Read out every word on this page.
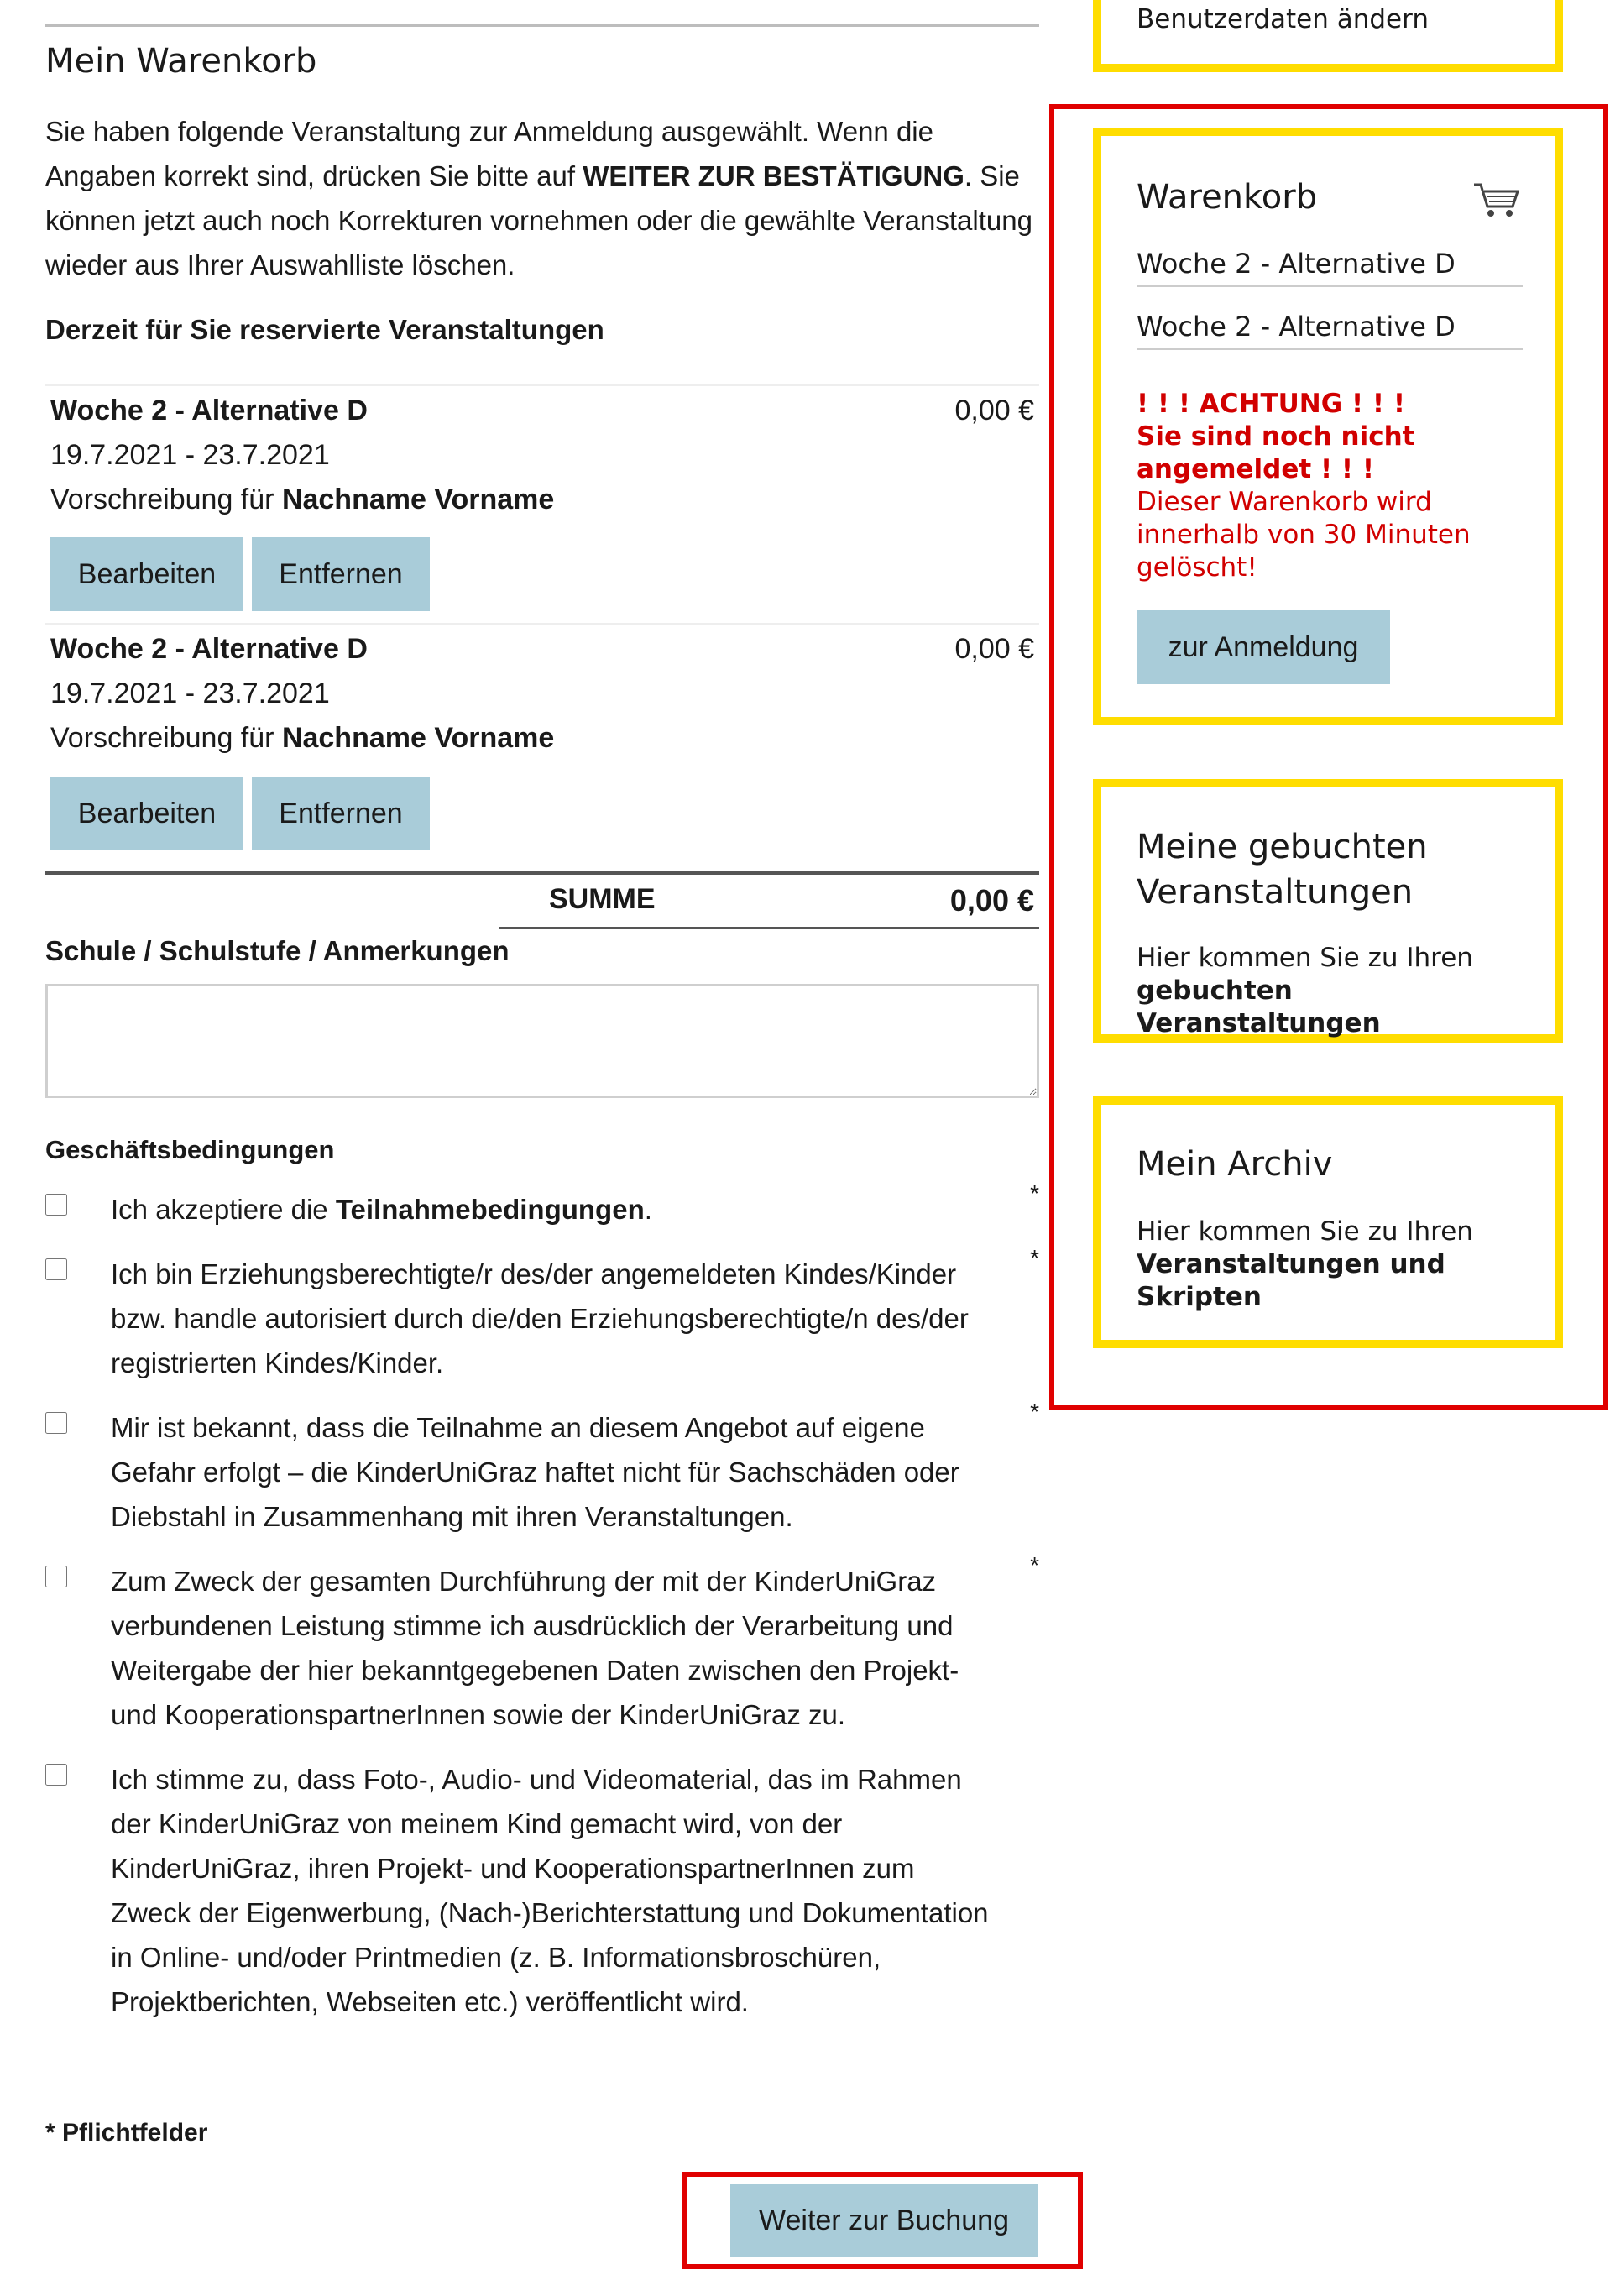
Mein Warenkorb

Sie haben folgende Veranstaltung zur Anmeldung ausgewählt. Wenn die Angaben korrekt sind, drücken Sie bitte auf WEITER ZUR BESTÄTIGUNG. Sie können jetzt auch noch Korrekturen vornehmen oder die gewählte Veranstaltung wieder aus Ihrer Auswahlliste löschen.

Derzeit für Sie reservierte Veranstaltungen
Woche 2 - Alternative D	0,00 €
19.7.2021 - 23.7.2021
Vorschreibung für Nachname Vorname
Bearbeiten	Entfernen
Woche 2 - Alternative D	0,00 €
19.7.2021 - 23.7.2021
Vorschreibung für Nachname Vorname
Bearbeiten	Entfernen
SUMME	0,00 €
Schule / Schulstufe / Anmerkungen
Geschäftsbedingungen
Ich akzeptiere die Teilnahmebedingungen.
*
Ich bin Erziehungsberechtigte/r des/der angemeldeten Kindes/Kinder bzw. handle autorisiert durch die/den Erziehungsberechtigte/n des/der registrierten Kindes/Kinder.
*
Mir ist bekannt, dass die Teilnahme an diesem Angebot auf eigene Gefahr erfolgt – die KinderUniGraz haftet nicht für Sachschäden oder Diebstahl in Zusammenhang mit ihren Veranstaltungen.
*
Zum Zweck der gesamten Durchführung der mit der KinderUniGraz verbundenen Leistung stimme ich ausdrücklich der Verarbeitung und Weitergabe der hier bekanntgegebenen Daten zwischen den Projekt- und KooperationspartnerInnen sowie der KinderUniGraz zu.
*
Ich stimme zu, dass Foto-, Audio- und Videomaterial, das im Rahmen der KinderUniGraz von meinem Kind gemacht wird, von der KinderUniGraz, ihren Projekt- und KooperationspartnerInnen zum Zweck der Eigenwerbung, (Nach-)Berichterstattung und Dokumentation in Online- und/oder Printmedien (z. B. Informationsbroschüren, Projektberichten, Webseiten etc.) veröffentlicht wird.
* Pflichtfelder
Weiter zur Buchung
Benutzerdaten ändern
Warenkorb
Woche 2 - Alternative D
Woche 2 - Alternative D
! ! ! ACHTUNG ! ! !
Sie sind noch nicht angemeldet ! ! !
Dieser Warenkorb wird innerhalb von 30 Minuten gelöscht!
zur Anmeldung
Meine gebuchten Veranstaltungen
Hier kommen Sie zu Ihren
gebuchten Veranstaltungen
Mein Archiv
Hier kommen Sie zu Ihren
Veranstaltungen und Skripten
